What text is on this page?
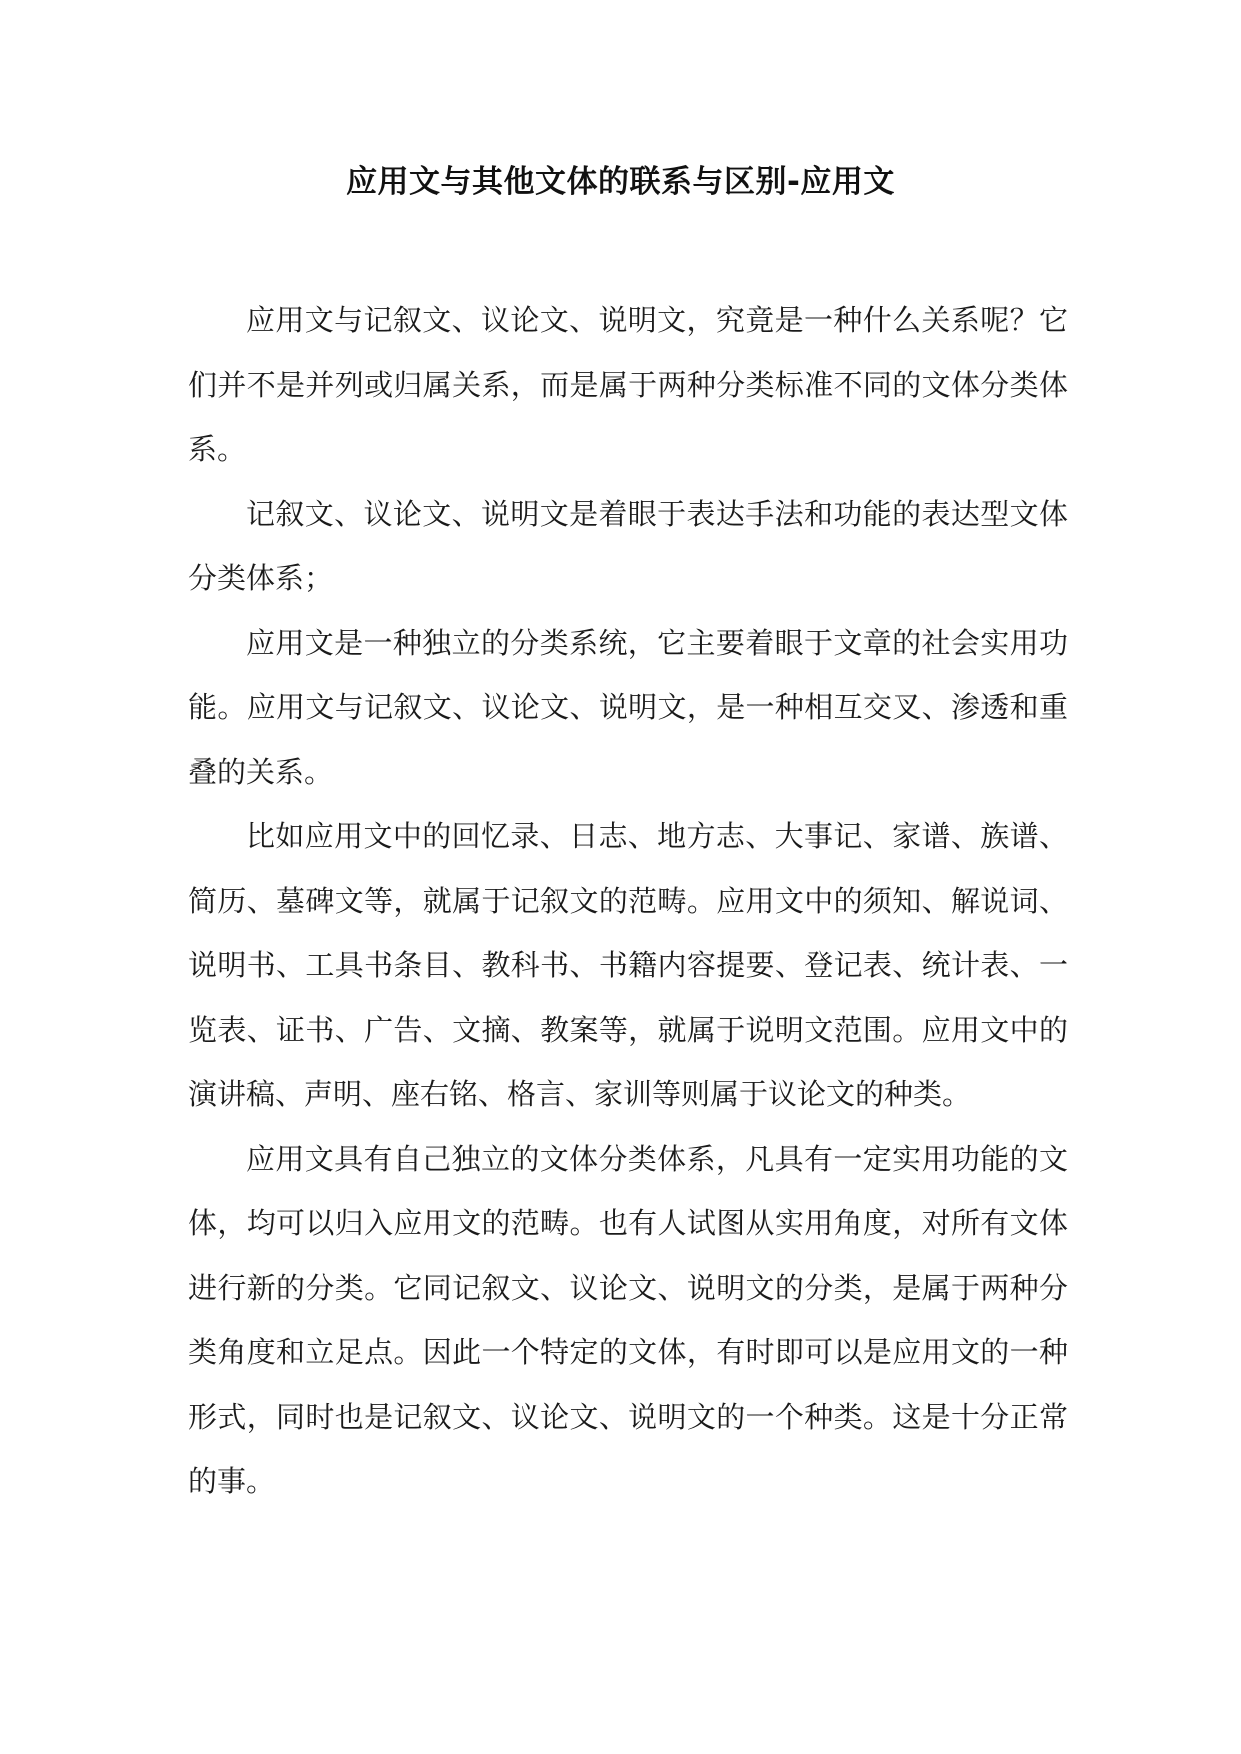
应用文与其他文体的联系与区别-应用文

应用文与记叙文、议论文、说明文，究竟是一种什么关系呢？它们并不是并列或归属关系，而是属于两种分类标准不同的文体分类体系。

记叙文、议论文、说明文是着眼于表达手法和功能的表达型文体分类体系；

应用文是一种独立的分类系统，它主要着眼于文章的社会实用功能。应用文与记叙文、议论文、说明文，是一种相互交叉、渗透和重叠的关系。

比如应用文中的回忆录、日志、地方志、大事记、家谱、族谱、简历、墓碑文等，就属于记叙文的范畴。应用文中的须知、解说词、说明书、工具书条目、教科书、书籍内容提要、登记表、统计表、一览表、证书、广告、文摘、教案等，就属于说明文范围。应用文中的演讲稿、声明、座右铭、格言、家训等则属于议论文的种类。

应用文具有自己独立的文体分类体系，凡具有一定实用功能的文体，均可以归入应用文的范畴。也有人试图从实用角度，对所有文体进行新的分类。它同记叙文、议论文、说明文的分类，是属于两种分类角度和立足点。因此一个特定的文体，有时即可以是应用文的一种形式，同时也是记叙文、议论文、说明文的一个种类。这是十分正常的事。
